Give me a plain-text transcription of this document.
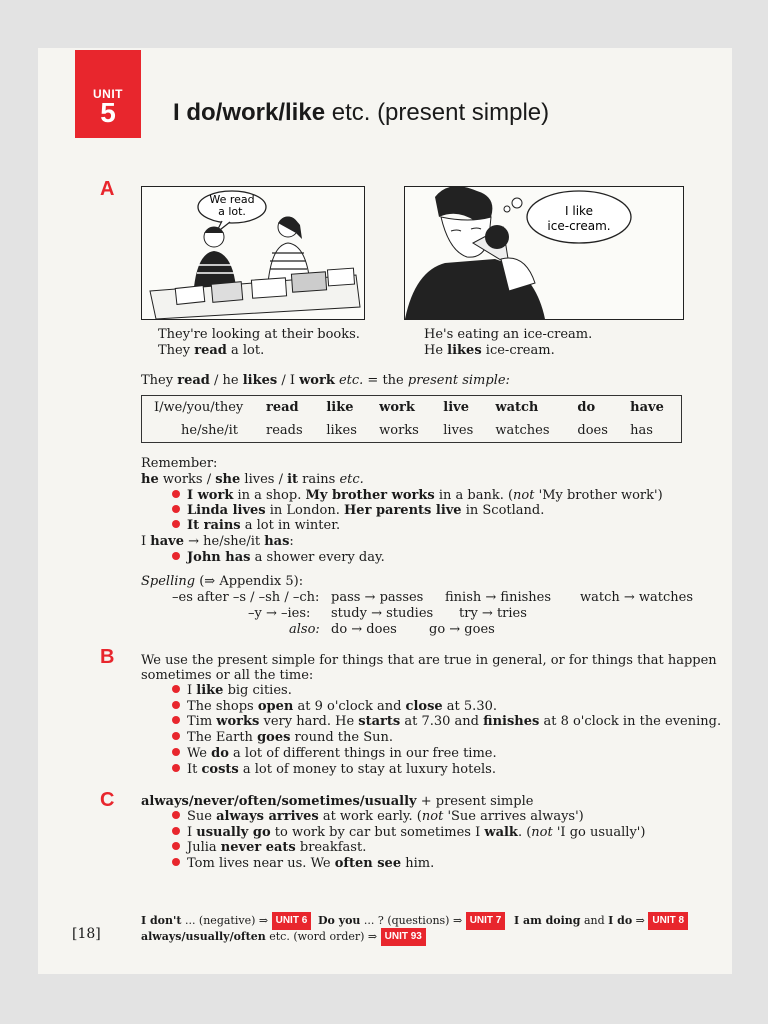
UNIT
5	I do/work/like etc. (present simple)
A	We read
a lot.	I like
ice-cream.
They're looking at their books.
They read a lot.
He's eating an ice-cream.
He likes ice-cream.
They read / he likes / I work etc. = the present simple:
I/we/you/they	read	like	work	live	watch	do	have
he/she/it	reads	likes	works	lives	watches	does	has
Remember:
he works / she lives / it rains etc.
I work in a shop. My brother works in a bank. (not 'My brother work')
Linda lives in London. Her parents live in Scotland.
It rains a lot in winter.
I have → he/she/it has:
John has a shower every day.
Spelling (⇒ Appendix 5):
–es after –s / –sh / –ch: pass → passes finish → finishes watch → watches
–y → –ies: study → studies try → tries
also: do → does go → goes
B We use the present simple for things that are true in general, or for things that happen
sometimes or all the time:
I like big cities.
The shops open at 9 o'clock and close at 5.30.
Tim works very hard. He starts at 7.30 and finishes at 8 o'clock in the evening.
The Earth goes round the Sun.
We do a lot of different things in our free time.
It costs a lot of money to stay at luxury hotels.
C always/never/often/sometimes/usually + present simple
Sue always arrives at work early. (not 'Sue arrives always')
I usually go to work by car but sometimes I walk. (not 'I go usually')
Julia never eats breakfast.
Tom lives near us. We often see him.
I don't ... (negative) ⇒ UNIT 6 Do you ... ? (questions) ⇒ UNIT 7	I am doing and I do ⇒ UNIT 8
always/usually/often etc. (word order) ⇒ UNIT 93
[18]
